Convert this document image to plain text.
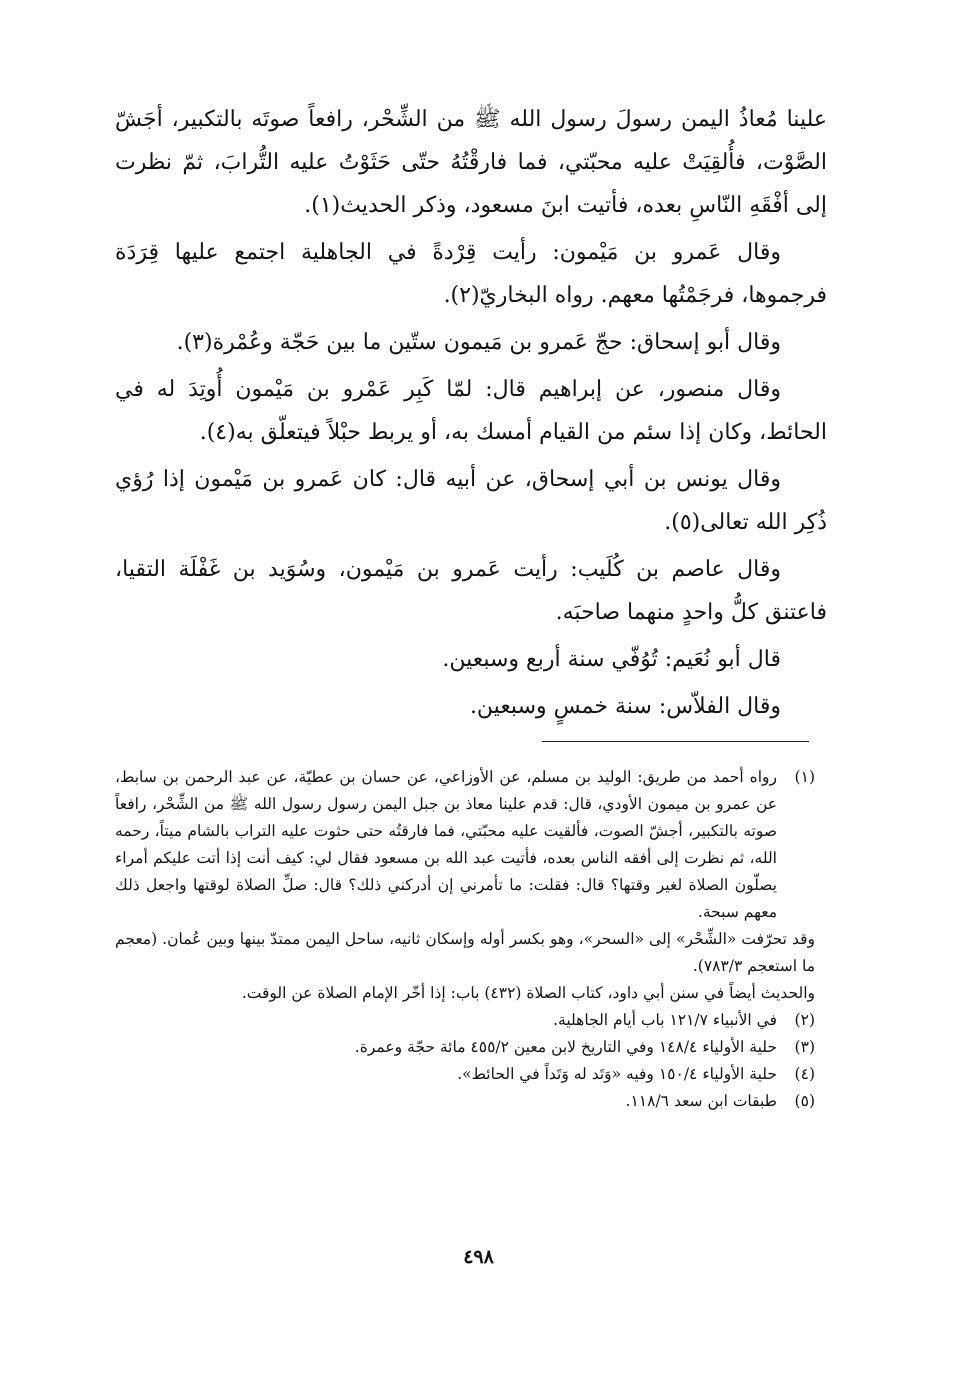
علينا مُعاذُ اليمن رسولَ رسول الله ﷺ من الشِّحْر، رافعاً صوتَه بالتكبير، أجَشّ الصَّوْت، فأُلقِيَتْ عليه محبّتي، فما فارقْتُهُ حتّى حَثَوْتُ عليه التُّرابَ، ثمّ نظرت إلى أفْقَهِ النّاسِ بعده، فأتيت ابنَ مسعود، وذكر الحديث(١).

وقال عَمرو بن مَيْمون: رأيت قِرْدةً في الجاهلية اجتمع عليها قِرَدَة فرجموها، فرجَمْتُها معهم. رواه البخاريّ(٢).

وقال أبو إسحاق: حجّ عَمرو بن مَيمون ستّين ما بين حَجّة وعُمْرة(٣).

وقال منصور، عن إبراهيم قال: لمّا كَبِر عَمْرو بن مَيْمون أُوتِدَ له في الحائط، وكان إذا سئم من القيام أمسك به، أو يربط حبْلاً فيتعلّق به(٤).

وقال يونس بن أبي إسحاق، عن أبيه قال: كان عَمرو بن مَيْمون إذا رُؤي ذُكِر الله تعالى(٥).

وقال عاصم بن كُلَيب: رأيت عَمرو بن مَيْمون، وسُوَيد بن غَفْلَة التقيا، فاعتنق كلُّ واحدٍ منهما صاحبَه.

قال أبو نُعَيم: تُوُفّي سنة أربع وسبعين.

وقال الفلاّس: سنة خمسٍ وسبعين.

(١)
رواه أحمد من طريق: الوليد بن مسلم، عن الأوزاعي، عن حسان بن عطيّة، عن عبد الرحمن بن سابط، عن عمرو بن ميمون الأودي، قال: قدم علينا معاذ بن جبل اليمن رسول رسول الله ﷺ من الشِّحْر، رافعاً صوته بالتكبير، أجشّ الصوت، فألقيت عليه محبّتي، فما فارقتُه حتى حثوت عليه التراب بالشام ميتاً، رحمه الله، ثم نظرت إلى أفقه الناس بعده، فأتيت عبد الله بن مسعود فقال لي: كيف أنت إذا أتت عليكم أمراء يصلّون الصلاة لغير وقتها؟ قال: فقلت: ما تأمرني إن أدركني ذلك؟ قال: صلِّ الصلاة لوقتها واجعل ذلك معهم سبحة.
وقد تحرّفت «الشِّحْر» إلى «السحر»، وهو بكسر أوله وإسكان ثانيه، ساحل اليمن ممتدّ بينها وبين عُمان. (معجم ما استعجم ٧٨٣/٣).
والحديث أيضاً في سنن أبي داود، كتاب الصلاة (٤٣٢) باب: إذا أخّر الإمام الصلاة عن الوقت.
(٢)
في الأنبياء ١٢١/٧ باب أيام الجاهلية.
(٣)
حلية الأولياء ١٤٨/٤ وفي التاريخ لابن معين ٤٥٥/٢ مائة حجّة وعمرة.
(٤)
حلية الأولياء ١٥٠/٤ وفيه «وَتَد له وَتَداً في الحائط».
(٥)
طبقات ابن سعد ١١٨/٦.
٤٩٨
